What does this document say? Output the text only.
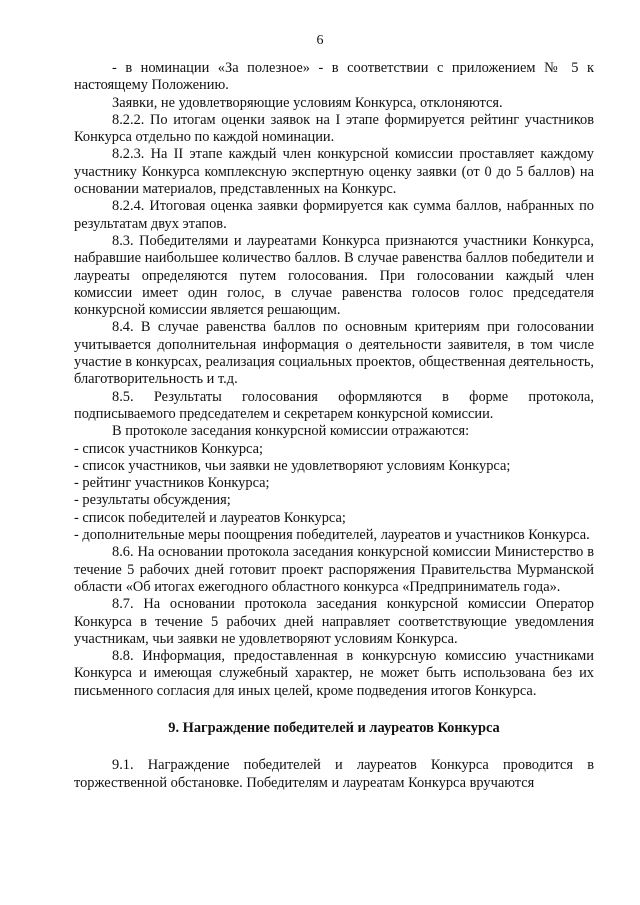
6

- в номинации «За полезное» - в соответствии с приложением № 5 к настоящему Положению.

Заявки, не удовлетворяющие условиям Конкурса, отклоняются.

8.2.2. По итогам оценки заявок на I этапе формируется рейтинг участников Конкурса отдельно по каждой номинации.

8.2.3. На II этапе каждый член конкурсной комиссии проставляет каждому участнику Конкурса комплексную экспертную оценку заявки (от 0 до 5 баллов) на основании материалов, представленных на Конкурс.

8.2.4. Итоговая оценка заявки формируется как сумма баллов, набранных по результатам двух этапов.

8.3. Победителями и лауреатами Конкурса признаются участники Конкурса, набравшие наибольшее количество баллов. В случае равенства баллов победители и лауреаты определяются путем голосования. При голосовании каждый член комиссии имеет один голос, в случае равенства голосов голос председателя конкурсной комиссии является решающим.

8.4. В случае равенства баллов по основным критериям при голосовании учитывается дополнительная информация о деятельности заявителя, в том числе участие в конкурсах, реализация социальных проектов, общественная деятельность, благотворительность и т.д.

8.5. Результаты голосования оформляются в форме протокола, подписываемого председателем и секретарем конкурсной комиссии.

В протоколе заседания конкурсной комиссии отражаются:

- список участников Конкурса;

- список участников, чьи заявки не удовлетворяют условиям Конкурса;

- рейтинг участников Конкурса;

- результаты обсуждения;

- список победителей и лауреатов Конкурса;

- дополнительные меры поощрения победителей, лауреатов и участников Конкурса.

8.6. На основании протокола заседания конкурсной комиссии Министерство в течение 5 рабочих дней готовит проект распоряжения Правительства Мурманской области «Об итогах ежегодного областного конкурса «Предприниматель года».

8.7. На основании протокола заседания конкурсной комиссии Оператор Конкурса в течение 5 рабочих дней направляет соответствующие уведомления участникам, чьи заявки не удовлетворяют условиям Конкурса.

8.8. Информация, предоставленная в конкурсную комиссию участниками Конкурса и имеющая служебный характер, не может быть использована без их письменного согласия для иных целей, кроме подведения итогов Конкурса.

9. Награждение победителей и лауреатов Конкурса

9.1. Награждение победителей и лауреатов Конкурса проводится в торжественной обстановке. Победителям и лауреатам Конкурса вручаются
